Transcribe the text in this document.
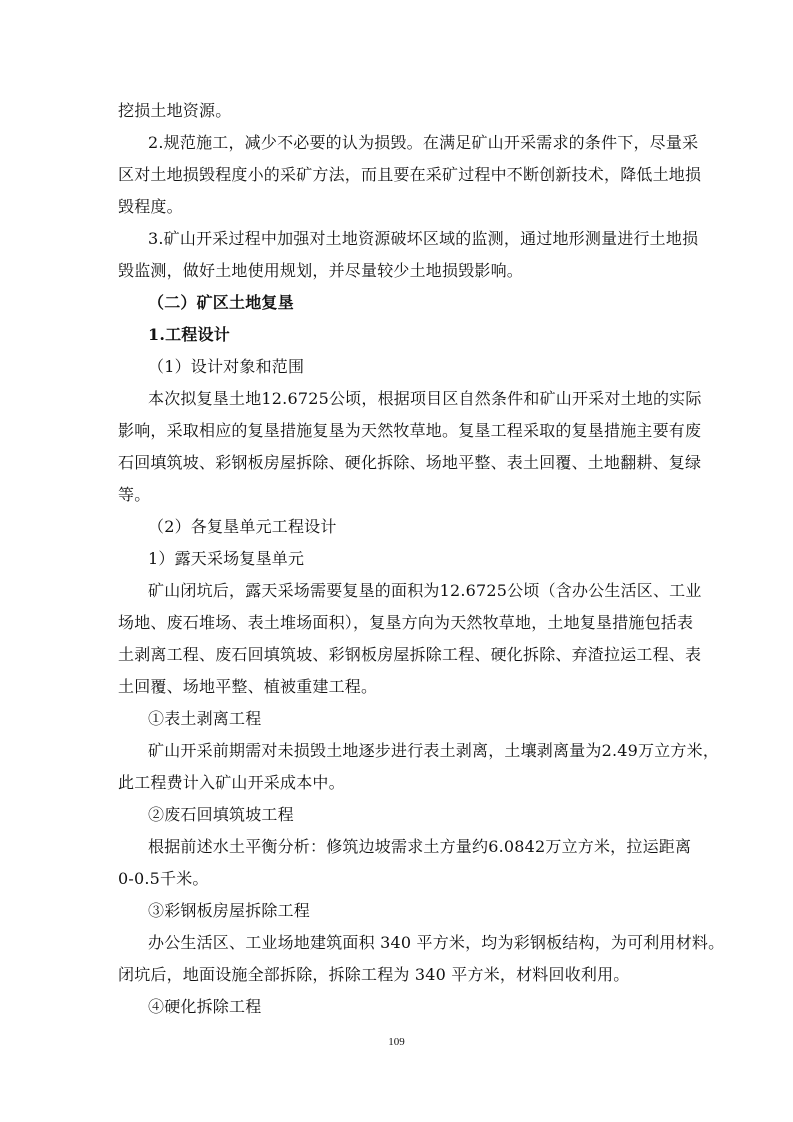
挖损土地资源。
2.规范施工，减少不必要的认为损毁。在满足矿山开采需求的条件下，尽量采
区对土地损毁程度小的采矿方法，而且要在采矿过程中不断创新技术，降低土地损
毁程度。
3.矿山开采过程中加强对土地资源破坏区域的监测，通过地形测量进行土地损
毁监测，做好土地使用规划，并尽量较少土地损毁影响。
（二）矿区土地复垦
1.工程设计
（1）设计对象和范围
本次拟复垦土地12.6725公顷，根据项目区自然条件和矿山开采对土地的实际
影响，采取相应的复垦措施复垦为天然牧草地。复垦工程采取的复垦措施主要有废
石回填筑坡、彩钢板房屋拆除、硬化拆除、场地平整、表土回覆、土地翻耕、复绿
等。
（2）各复垦单元工程设计
1）露天采场复垦单元
矿山闭坑后，露天采场需要复垦的面积为12.6725公顷（含办公生活区、工业
场地、废石堆场、表土堆场面积），复垦方向为天然牧草地，土地复垦措施包括表
土剥离工程、废石回填筑坡、彩钢板房屋拆除工程、硬化拆除、弃渣拉运工程、表
土回覆、场地平整、植被重建工程。
①表土剥离工程
矿山开采前期需对未损毁土地逐步进行表土剥离，土壤剥离量为2.49万立方米，
此工程费计入矿山开采成本中。
②废石回填筑坡工程
根据前述水土平衡分析：修筑边坡需求土方量约6.0842万立方米，拉运距离
0-0.5千米。
③彩钢板房屋拆除工程
办公生活区、工业场地建筑面积 340 平方米，均为彩钢板结构，为可利用材料。
闭坑后，地面设施全部拆除，拆除工程为 340 平方米，材料回收利用。
④硬化拆除工程
109
